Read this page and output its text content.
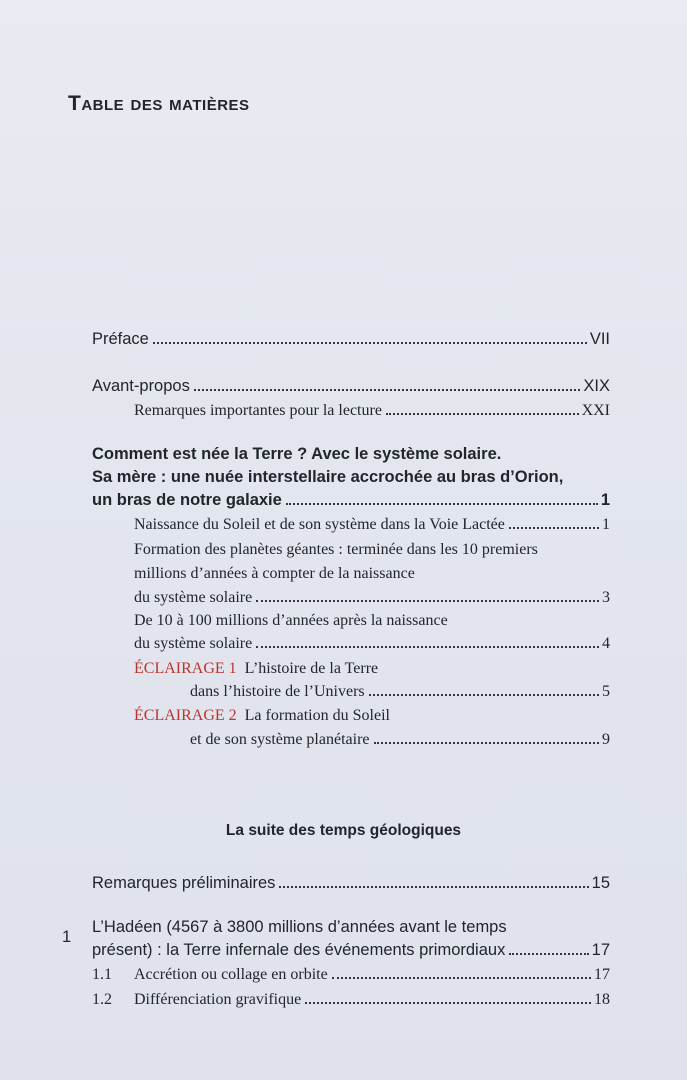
Table des matières
Préface	VII
Avant-propos	XIX
Remarques importantes pour la lecture	XXI
Comment est née la Terre ? Avec le système solaire.
Sa mère : une nuée interstellaire accrochée au bras d’Orion,
un bras de notre galaxie	1
Naissance du Soleil et de son système dans la Voie Lactée	1
Formation des planètes géantes : terminée dans les 10 premiers
millions d’années à compter de la naissance
du système solaire	3
De 10 à 100 millions d’années après la naissance
du système solaire	4
ÉCLAIRAGE 1 L’histoire de la Terre
dans l’histoire de l’Univers	5
ÉCLAIRAGE 2 La formation du Soleil
et de son système planétaire	9
La suite des temps géologiques
Remarques préliminaires	15
1
L’Hadéen (4567 à 3800 millions d’années avant le temps
présent) : la Terre infernale des événements primordiaux	17
1.1 Accrétion ou collage en orbite	17
1.2 Différenciation gravifique	18
